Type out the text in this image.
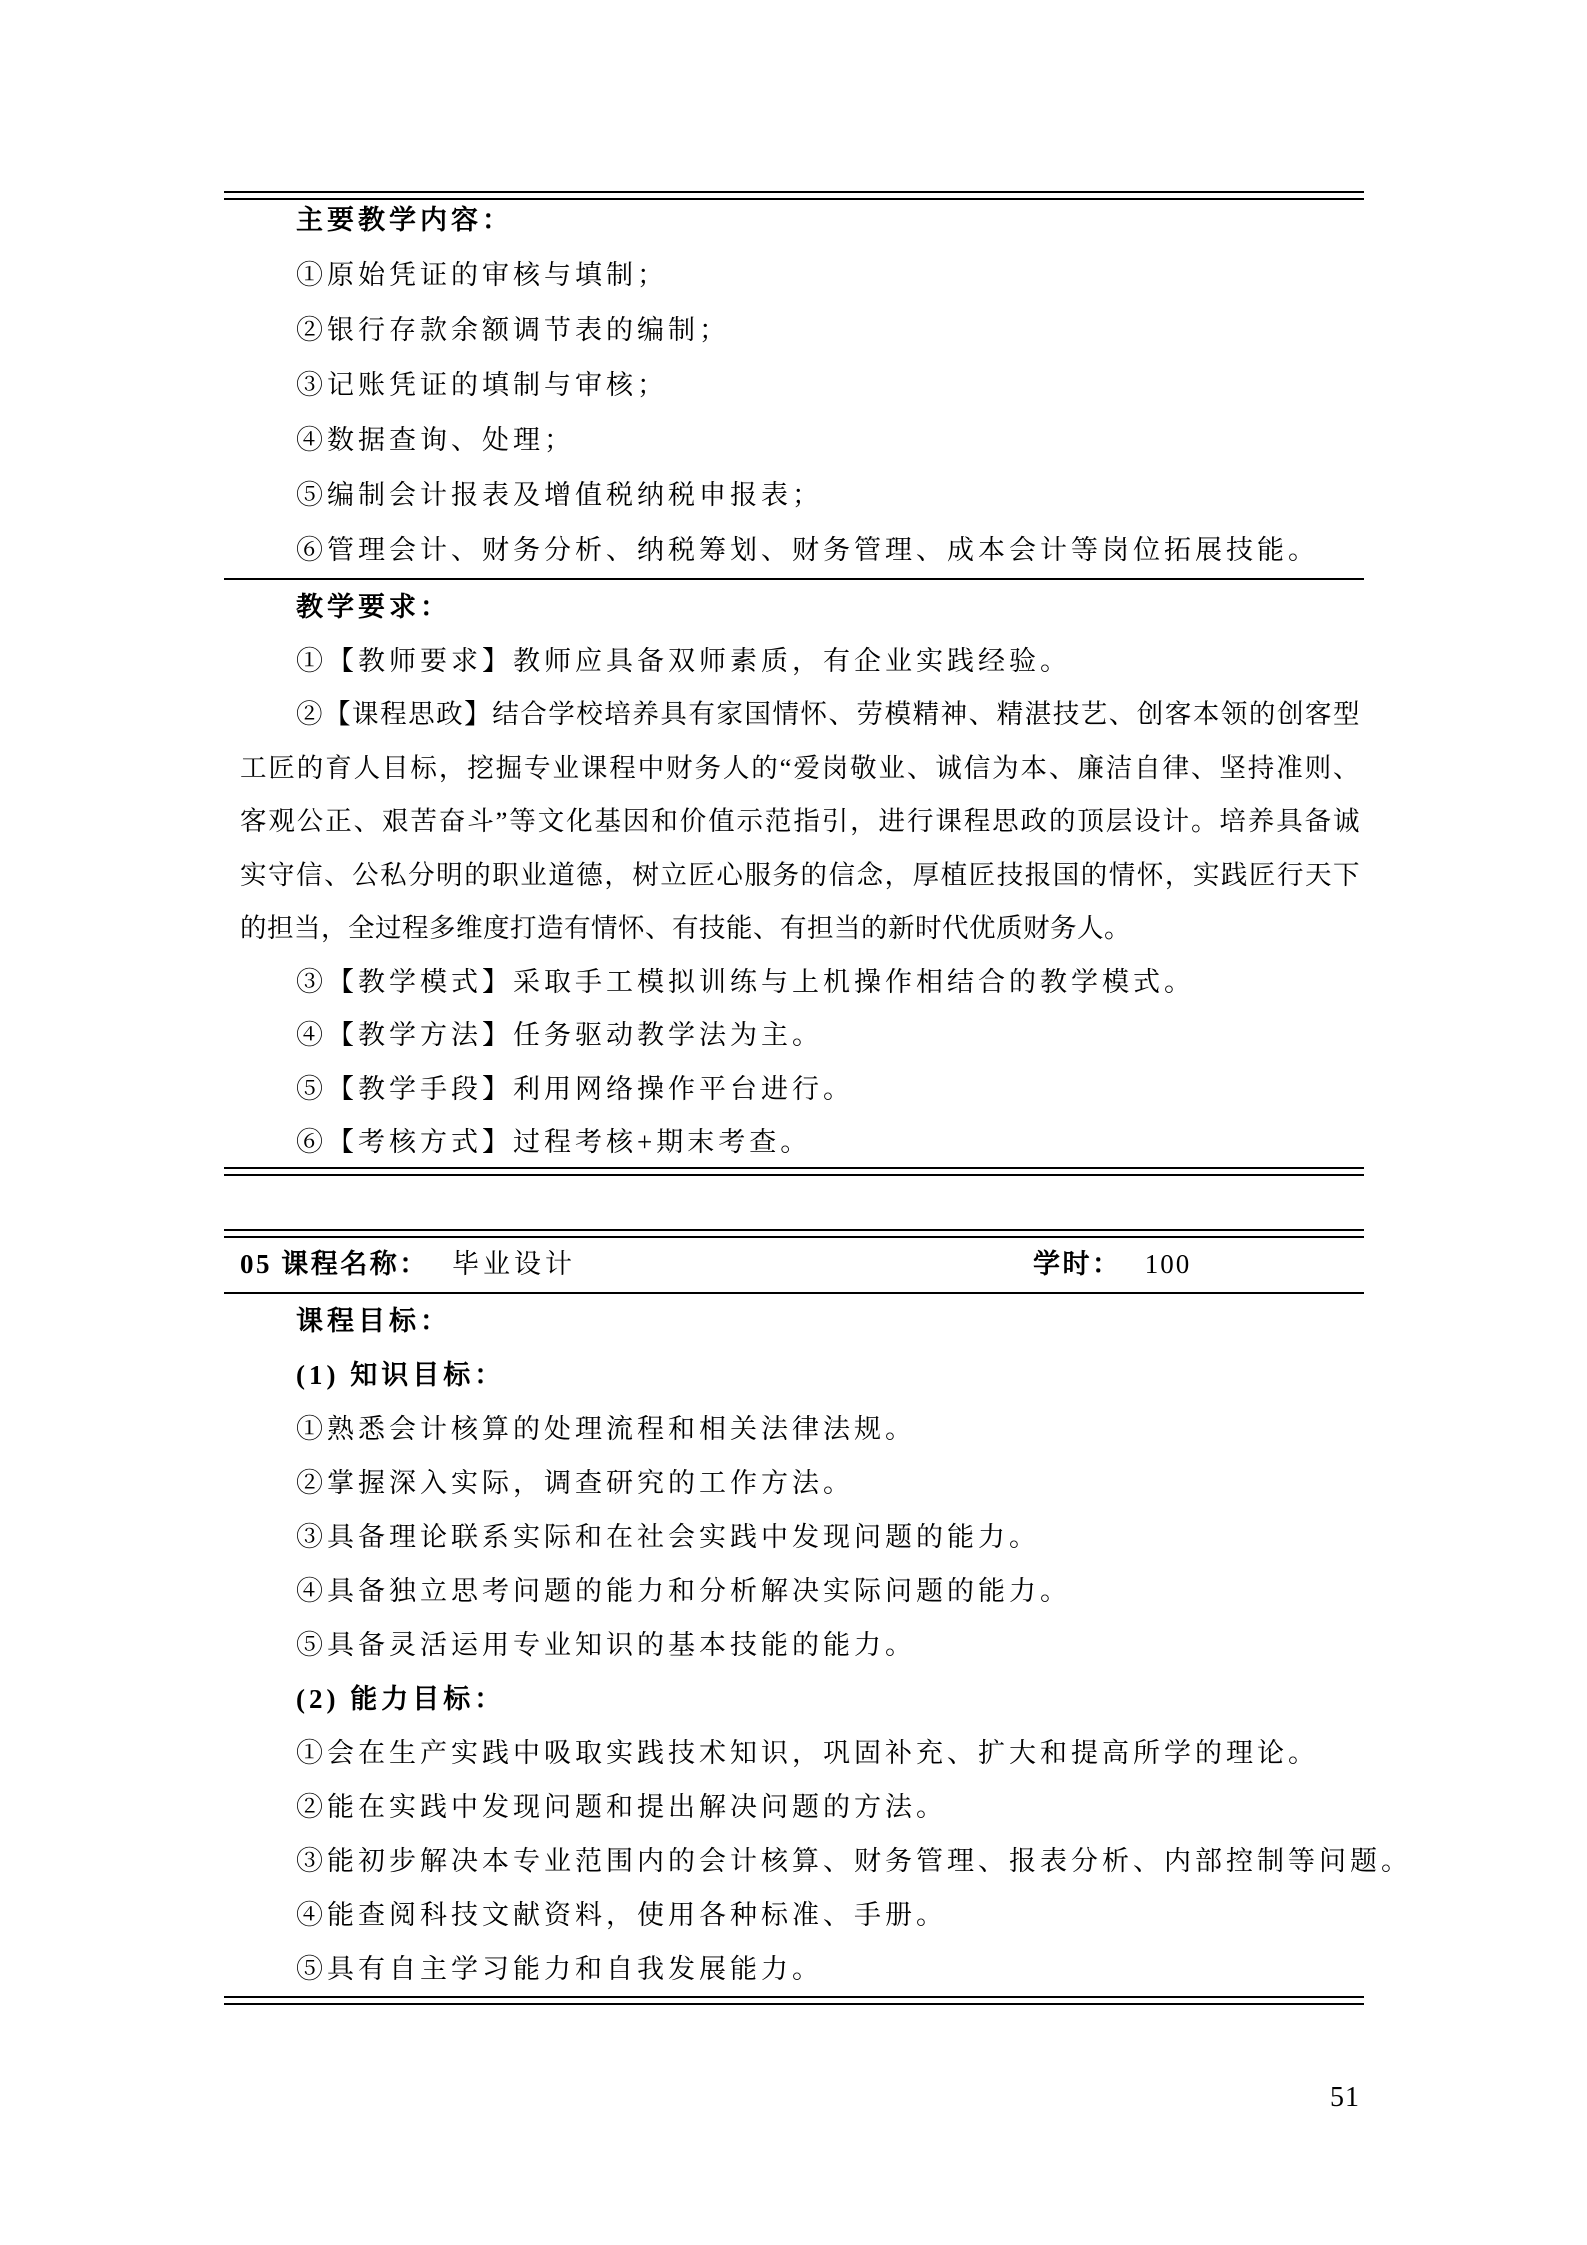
主要教学内容：
①原始凭证的审核与填制；
②银行存款余额调节表的编制；
③记账凭证的填制与审核；
④数据查询、处理；
⑤编制会计报表及增值税纳税申报表；
⑥管理会计、财务分析、纳税筹划、财务管理、成本会计等岗位拓展技能。
教学要求：
①【教师要求】教师应具备双师素质，有企业实践经验。
②【课程思政】结合学校培养具有家国情怀、劳模精神、精湛技艺、创客本领的创客型
工匠的育人目标，挖掘专业课程中财务人的“爱岗敬业、诚信为本、廉洁自律、坚持准则、
客观公正、艰苦奋斗”等文化基因和价值示范指引，进行课程思政的顶层设计。培养具备诚
实守信、公私分明的职业道德，树立匠心服务的信念，厚植匠技报国的情怀，实践匠行天下
的担当，全过程多维度打造有情怀、有技能、有担当的新时代优质财务人。
③【教学模式】采取手工模拟训练与上机操作相结合的教学模式。
④【教学方法】任务驱动教学法为主。
⑤【教学手段】利用网络操作平台进行。
⑥【考核方式】过程考核+期末考查。
05 课程名称： 毕业设计	学时： 100
课程目标：
(1) 知识目标：
①熟悉会计核算的处理流程和相关法律法规。
②掌握深入实际，调查研究的工作方法。
③具备理论联系实际和在社会实践中发现问题的能力。
④具备独立思考问题的能力和分析解决实际问题的能力。
⑤具备灵活运用专业知识的基本技能的能力。
(2) 能力目标：
①会在生产实践中吸取实践技术知识，巩固补充、扩大和提高所学的理论。
②能在实践中发现问题和提出解决问题的方法。
③能初步解决本专业范围内的会计核算、财务管理、报表分析、内部控制等问题。
④能查阅科技文献资料，使用各种标准、手册。
⑤具有自主学习能力和自我发展能力。
51
